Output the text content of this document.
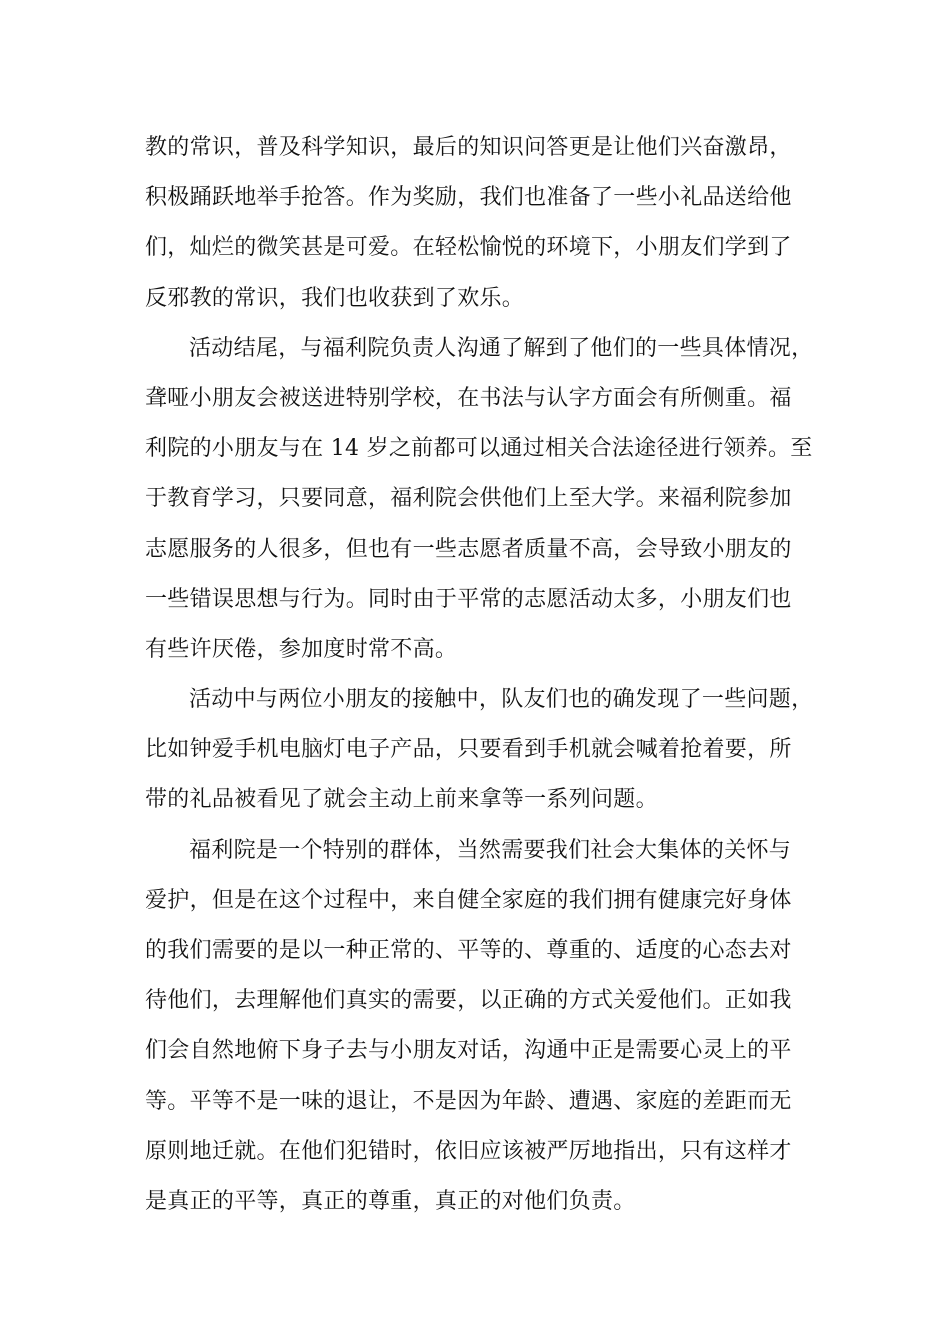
教的常识，普及科学知识，最后的知识问答更是让他们兴奋激昂，
积极踊跃地举手抢答。作为奖励，我们也准备了一些小礼品送给他
们，灿烂的微笑甚是可爱。在轻松愉悦的环境下，小朋友们学到了
反邪教的常识，我们也收获到了欢乐。
活动结尾，与福利院负责人沟通了解到了他们的一些具体情况，
聋哑小朋友会被送进特别学校，在书法与认字方面会有所侧重。福
利院的小朋友与在 14 岁之前都可以通过相关合法途径进行领养。至
于教育学习，只要同意，福利院会供他们上至大学。来福利院参加
志愿服务的人很多，但也有一些志愿者质量不高，会导致小朋友的
一些错误思想与行为。同时由于平常的志愿活动太多，小朋友们也
有些许厌倦，参加度时常不高。
活动中与两位小朋友的接触中，队友们也的确发现了一些问题，
比如钟爱手机电脑灯电子产品，只要看到手机就会喊着抢着要，所
带的礼品被看见了就会主动上前来拿等一系列问题。
福利院是一个特别的群体，当然需要我们社会大集体的关怀与
爱护，但是在这个过程中，来自健全家庭的我们拥有健康完好身体
的我们需要的是以一种正常的、平等的、尊重的、适度的心态去对
待他们，去理解他们真实的需要，以正确的方式关爱他们。正如我
们会自然地俯下身子去与小朋友对话，沟通中正是需要心灵上的平
等。平等不是一味的退让，不是因为年龄、遭遇、家庭的差距而无
原则地迁就。在他们犯错时，依旧应该被严厉地指出，只有这样才
是真正的平等，真正的尊重，真正的对他们负责。
